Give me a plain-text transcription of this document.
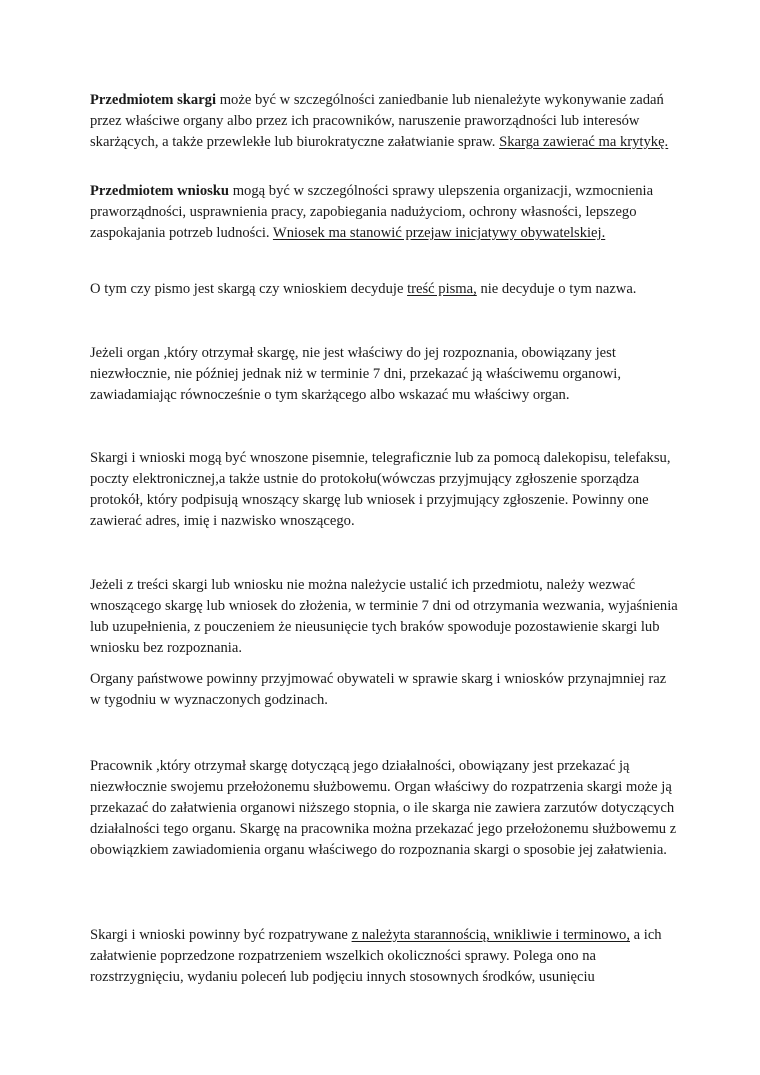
Przedmiotem skargi może być w szczególności zaniedbanie lub nienależyte wykonywanie zadań przez właściwe organy albo przez ich pracowników, naruszenie praworządności lub interesów skarżących, a także przewlekłe lub biurokratyczne załatwianie spraw. Skarga zawierać ma krytykę.

Przedmiotem wniosku mogą być w szczególności sprawy ulepszenia organizacji, wzmocnienia praworządności, usprawnienia pracy, zapobiegania nadużyciom, ochrony własności, lepszego zaspokajania potrzeb ludności. Wniosek ma stanowić przejaw inicjatywy obywatelskiej.

O tym czy pismo jest skargą czy wnioskiem decyduje treść pisma, nie decyduje o tym nazwa.

Jeżeli organ ,który otrzymał skargę, nie jest właściwy do jej rozpoznania, obowiązany jest niezwłocznie, nie później jednak niż w terminie 7 dni, przekazać ją właściwemu organowi, zawiadamiając równocześnie o tym skarżącego albo wskazać mu właściwy organ.

Skargi i wnioski mogą być wnoszone pisemnie, telegraficznie lub za pomocą dalekopisu, telefaksu, poczty elektronicznej,a także ustnie do protokołu(wówczas przyjmujący zgłoszenie sporządza protokół, który podpisują wnoszący skargę lub wniosek i przyjmujący zgłoszenie. Powinny one zawierać adres, imię i nazwisko wnoszącego.

Jeżeli z treści skargi lub wniosku nie można należycie ustalić ich przedmiotu, należy wezwać wnoszącego skargę lub wniosek do złożenia, w terminie 7 dni od otrzymania wezwania, wyjaśnienia lub uzupełnienia, z pouczeniem że nieusunięcie tych braków spowoduje pozostawienie skargi lub wniosku bez rozpoznania.

Organy państwowe powinny przyjmować obywateli w sprawie skarg i wniosków przynajmniej raz w tygodniu w wyznaczonych godzinach.

Pracownik ,który otrzymał skargę dotyczącą jego działalności, obowiązany jest przekazać ją niezwłocznie swojemu przełożonemu służbowemu. Organ właściwy do rozpatrzenia skargi może ją przekazać do załatwienia organowi niższego stopnia, o ile skarga nie zawiera zarzutów dotyczących działalności tego organu. Skargę na pracownika można przekazać jego przełożonemu służbowemu z obowiązkiem zawiadomienia organu właściwego do rozpoznania skargi o sposobie jej załatwienia.

Skargi i wnioski powinny być rozpatrywane z należyta starannością, wnikliwie i terminowo, a ich załatwienie poprzedzone rozpatrzeniem wszelkich okoliczności sprawy. Polega ono na rozstrzygnięciu, wydaniu poleceń lub podjęciu innych stosownych środków, usunięciu
